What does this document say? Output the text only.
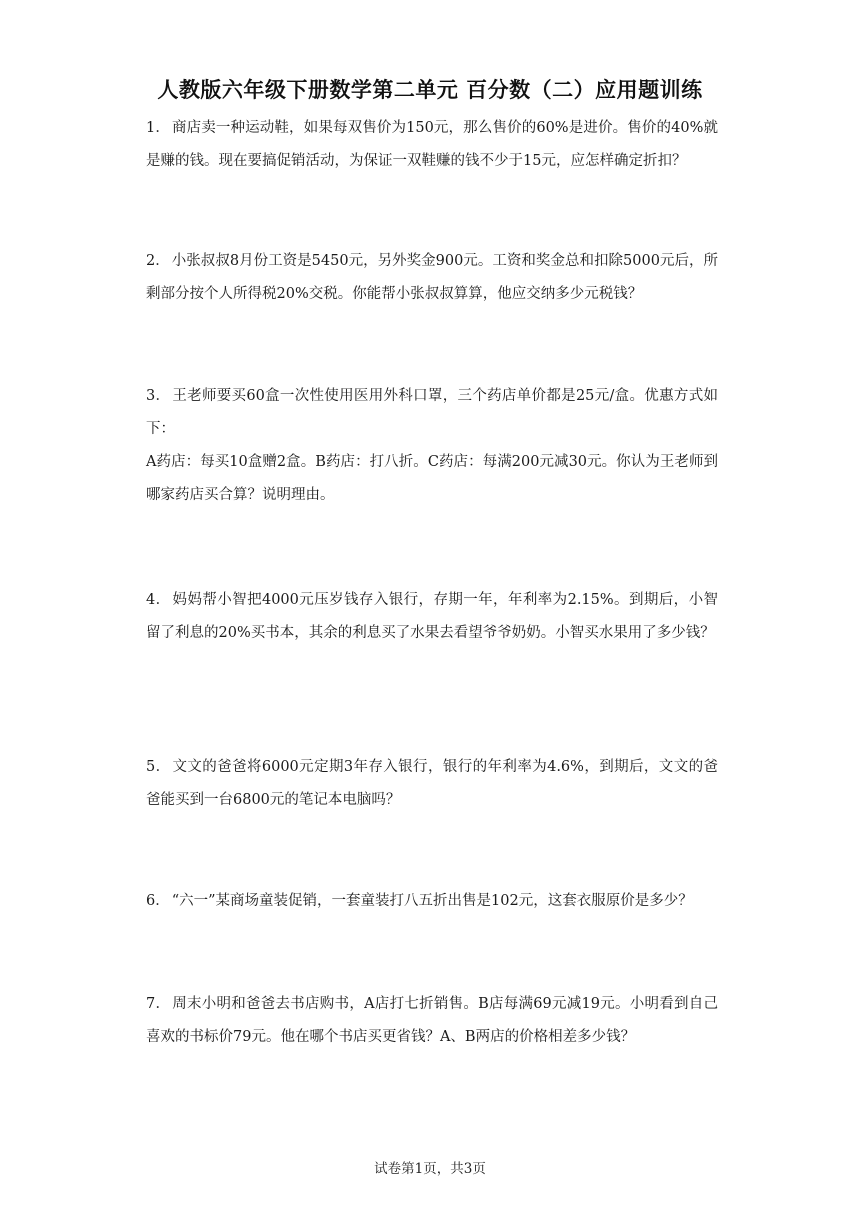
人教版六年级下册数学第二单元 百分数（二）应用题训练
1． 商店卖一种运动鞋，如果每双售价为150元，那么售价的60%是进价。售价的40%就是赚的钱。现在要搞促销活动，为保证一双鞋赚的钱不少于15元，应怎样确定折扣？
2． 小张叔叔8月份工资是5450元，另外奖金900元。工资和奖金总和扣除5000元后，所剩部分按个人所得税20%交税。你能帮小张叔叔算算，他应交纳多少元税钱？
3． 王老师要买60盒一次性使用医用外科口罩，三个药店单价都是25元/盒。优惠方式如下：
A药店：每买10盒赠2盒。B药店：打八折。C药店：每满200元减30元。你认为王老师到哪家药店买合算？说明理由。
4． 妈妈帮小智把4000元压岁钱存入银行，存期一年，年利率为2.15%。到期后，小智留了利息的20%买书本，其余的利息买了水果去看望爷爷奶奶。小智买水果用了多少钱？
5． 文文的爸爸将6000元定期3年存入银行，银行的年利率为4.6%，到期后，文文的爸爸能买到一台6800元的笔记本电脑吗？
6． “六一”某商场童装促销，一套童装打八五折出售是102元，这套衣服原价是多少？
7． 周末小明和爸爸去书店购书，A店打七折销售。B店每满69元减19元。小明看到自己喜欢的书标价79元。他在哪个书店买更省钱？A、B两店的价格相差多少钱？
试卷第1页，共3页
